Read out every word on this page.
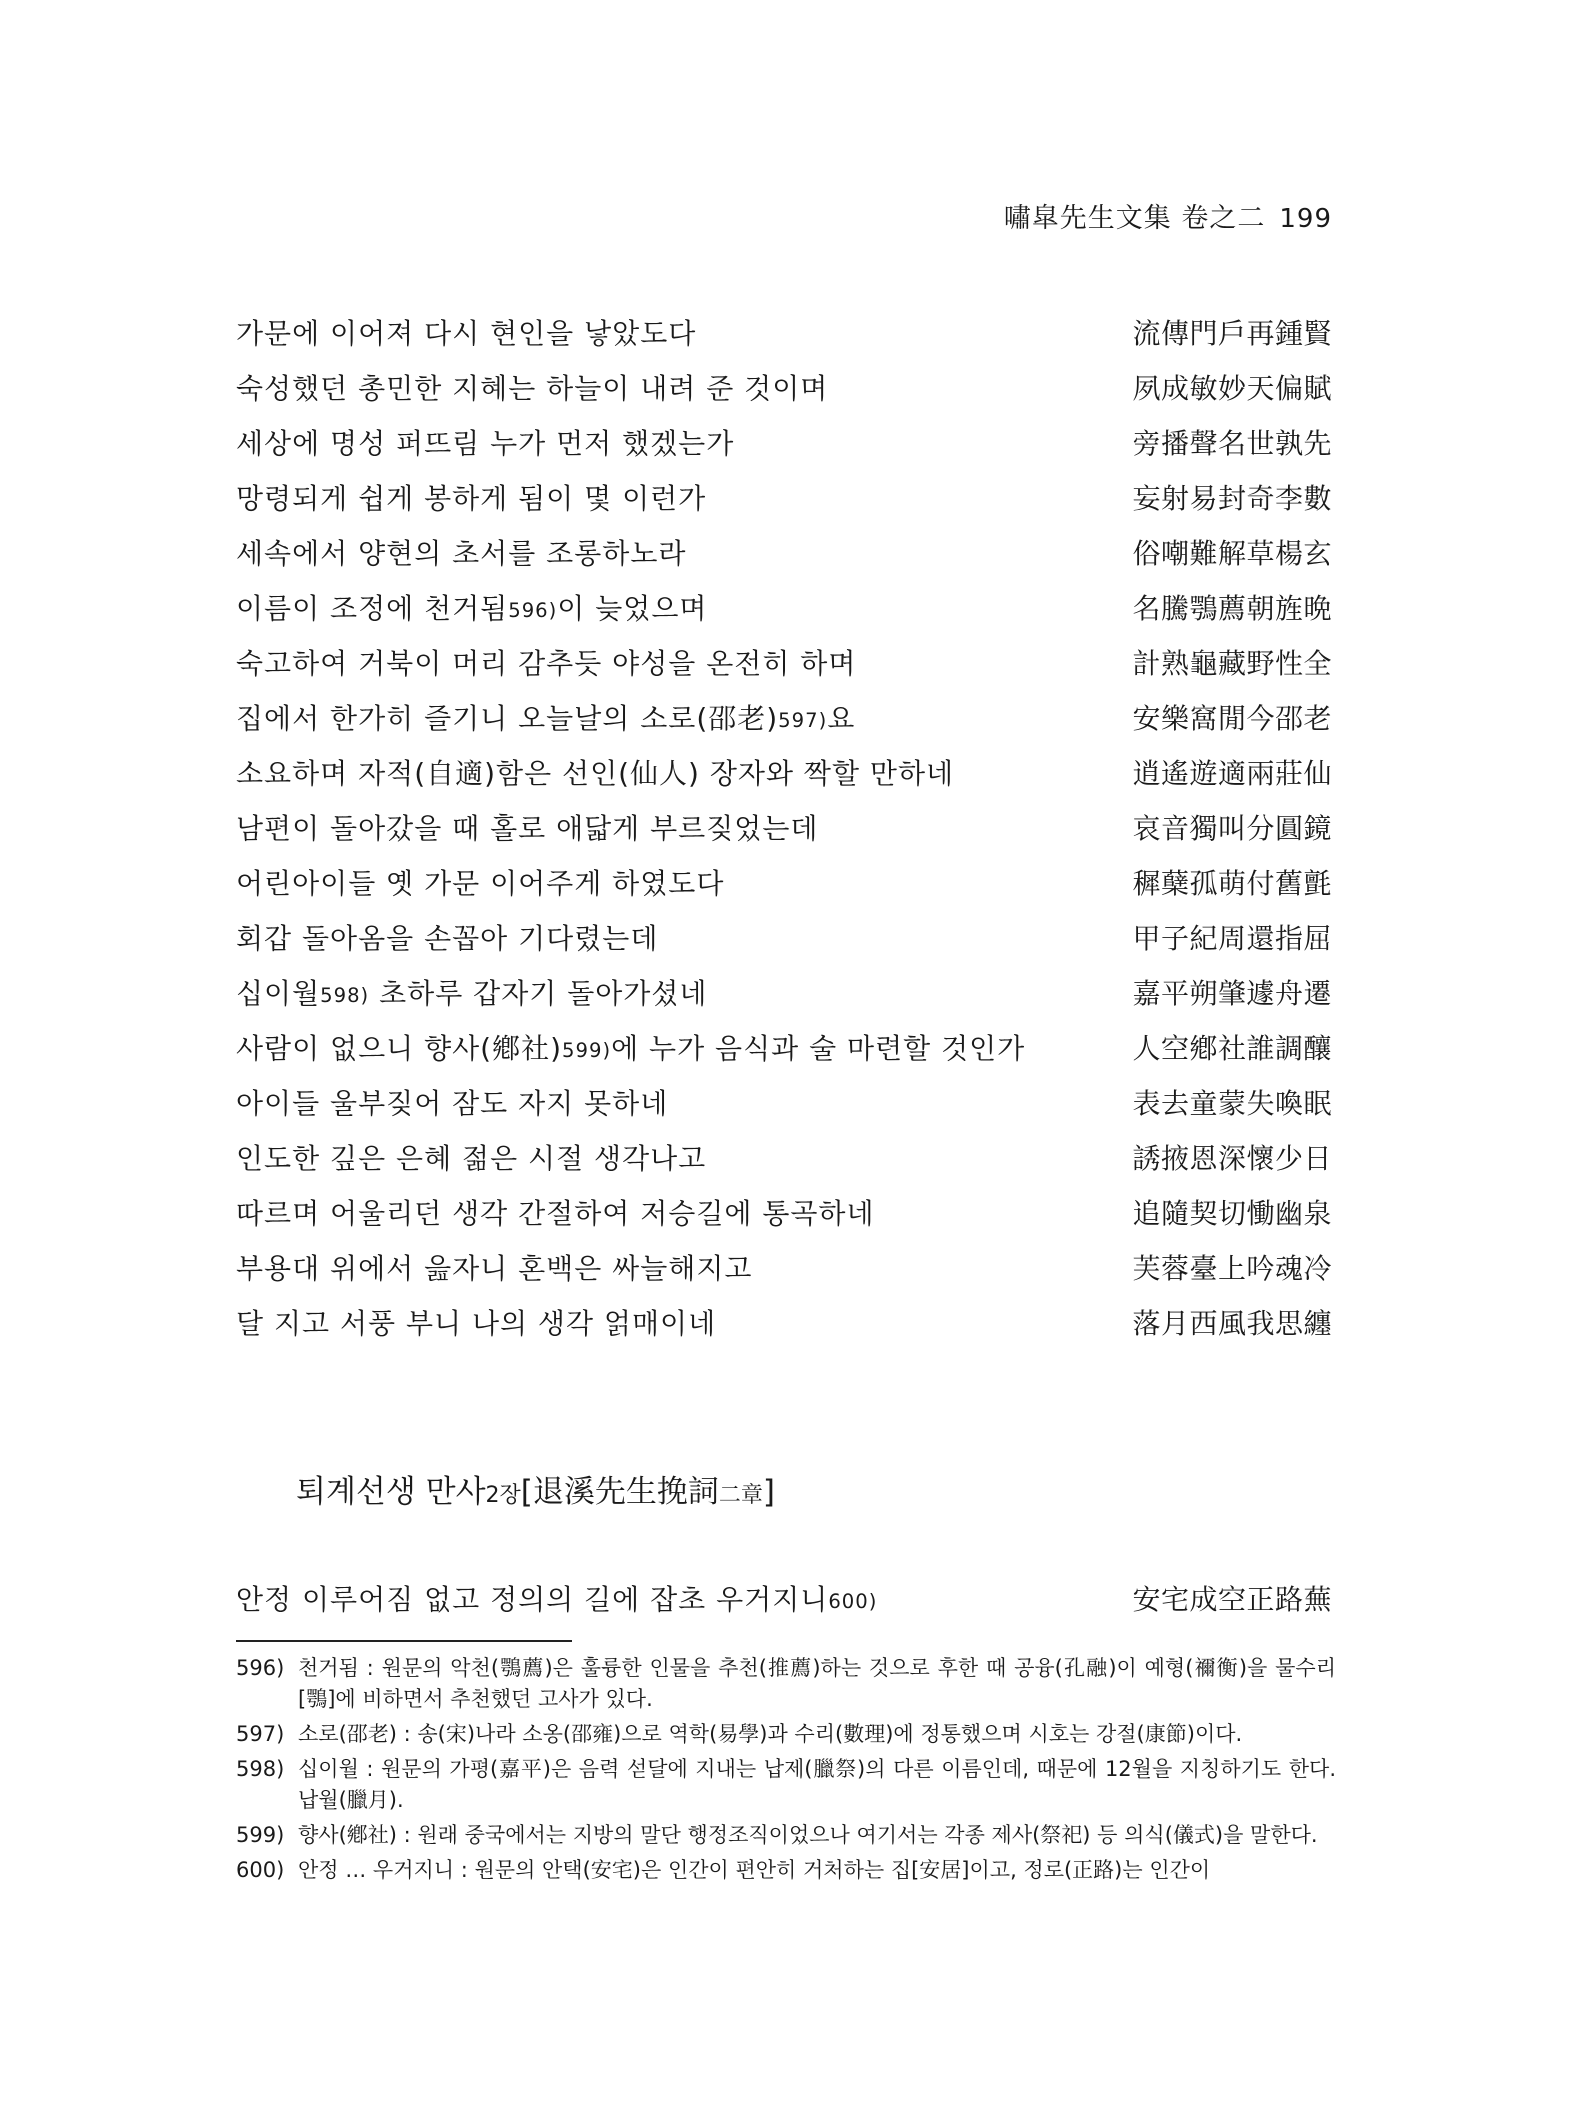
嘯皐先生文集 卷之二 199
가문에 이어져 다시 현인을 낳았도다	流傳門戶再鍾賢
숙성했던 총민한 지혜는 하늘이 내려 준 것이며	夙成敏妙天偏賦
세상에 명성 퍼뜨림 누가 먼저 했겠는가	旁播聲名世孰先
망령되게 쉽게 봉하게 됨이 몇 이런가	妄射易封奇李數
세속에서 양현의 초서를 조롱하노라	俗嘲難解草楊玄
이름이 조정에 천거됨$^{596)}$이 늦었으며	名騰鶚薦朝旌晩
숙고하여 거북이 머리 감추듯 야성을 온전히 하며	計熟龜藏野性全
집에서 한가히 즐기니 오늘날의 소로(邵老)$^{597)}$요	安樂窩閒今邵老
소요하며 자적(自適)함은 선인(仙人) 장자와 짝할 만하네	逍遙遊適兩莊仙
남편이 돌아갔을 때 홀로 애닯게 부르짖었는데	哀音獨叫分圓鏡
어린아이들 옛 가문 이어주게 하였도다	穉蘖孤萌付舊氈
회갑 돌아옴을 손꼽아 기다렸는데	甲子紀周還指屈
십이월$^{598)}$ 초하루 갑자기 돌아가셨네	嘉平朔肇遽舟遷
사람이 없으니 향사(鄕社)$^{599)}$에 누가 음식과 술 마련할 것인가	人空鄕社誰調釀
아이들 울부짖어 잠도 자지 못하네	表去童蒙失喚眠
인도한 깊은 은혜 젊은 시절 생각나고	誘掖恩深懷少日
따르며 어울리던 생각 간절하여 저승길에 통곡하네	追隨契切慟幽泉
부용대 위에서 읊자니 혼백은 싸늘해지고	芙蓉臺上吟魂冷
달 지고 서풍 부니 나의 생각 얽매이네	落月西風我思纏
퇴계선생 만사2장[退溪先生挽詞二章]
안정 이루어짐 없고 정의의 길에 잡초 우거지니$^{600)}$	安宅成空正路蕪
596) 천거됨 : 원문의 악천(鶚薦)은 훌륭한 인물을 추천(推薦)하는 것으로 후한 때 공융(孔融)이 예형(禰衡)을 물수리[鶚]에 비하면서 추천했던 고사가 있다.
597) 소로(邵老) : 송(宋)나라 소옹(邵雍)으로 역학(易學)과 수리(數理)에 정통했으며 시호는 강절(康節)이다.
598) 십이월 : 원문의 가평(嘉平)은 음력 섣달에 지내는 납제(臘祭)의 다른 이름인데, 때문에 12월을 지칭하기도 한다. 납월(臘月).
599) 향사(鄕社) : 원래 중국에서는 지방의 말단 행정조직이었으나 여기서는 각종 제사(祭祀) 등 의식(儀式)을 말한다.
600) 안정 … 우거지니 : 원문의 안택(安宅)은 인간이 편안히 거처하는 집[安居]이고, 정로(正路)는 인간이
